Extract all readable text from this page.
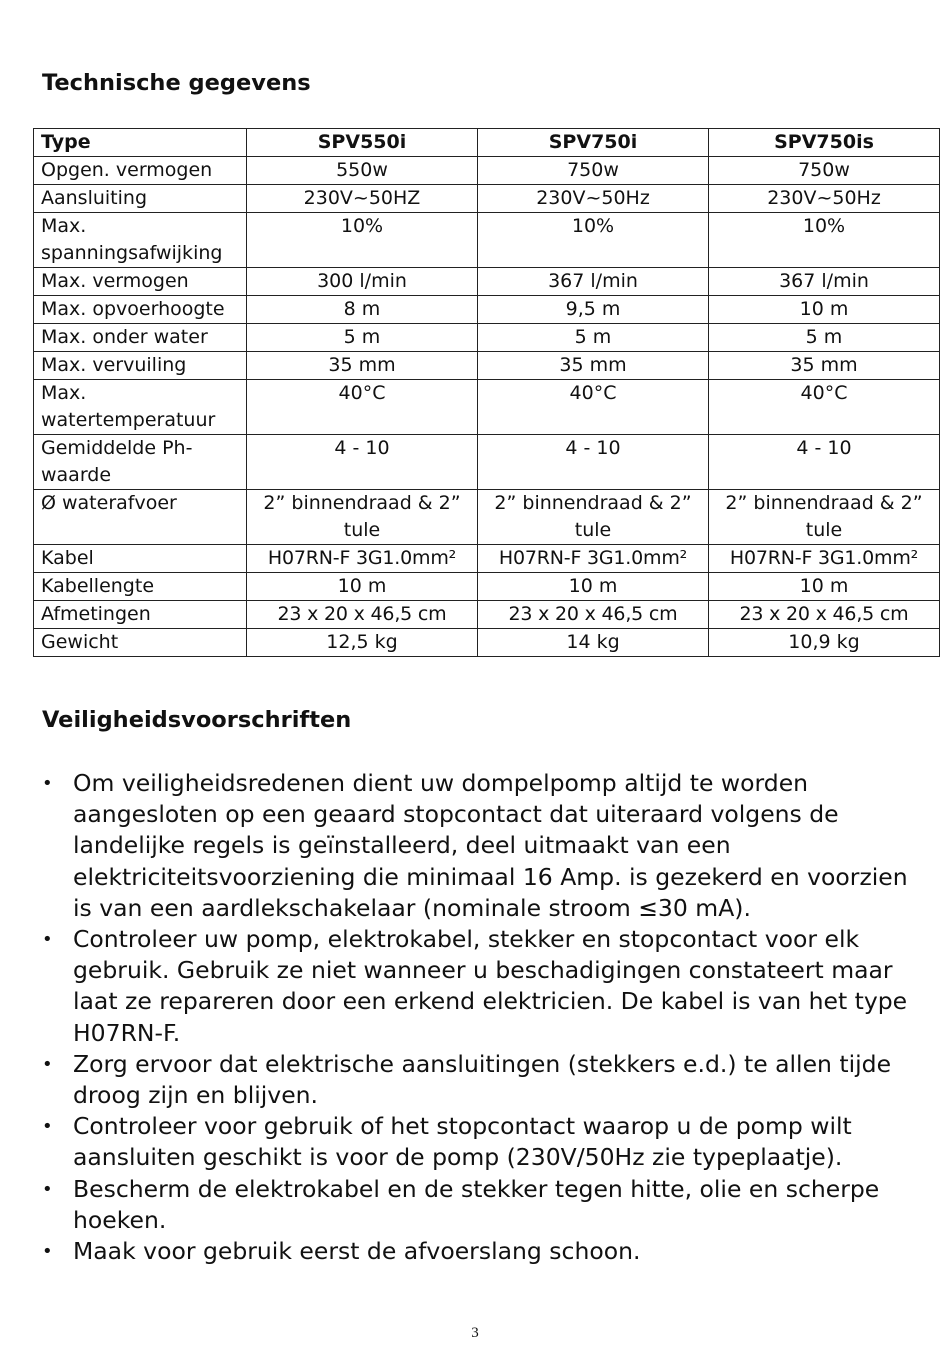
Technische gegevens
Type	SPV550i	SPV750i	SPV750is
Opgen. vermogen	550w	750w	750w
Aansluiting	230V~50HZ	230V~50Hz	230V~50Hz
Max. spanningsafwijking	10%	10%	10%
Max. vermogen	300 l/min	367 l/min	367 l/min
Max. opvoerhoogte	8 m	9,5 m	10 m
Max. onder water	5 m	5 m	5 m
Max. vervuiling	35 mm	35 mm	35 mm
Max. watertemperatuur	40°C	40°C	40°C
Gemiddelde Ph-waarde	4 - 10	4 - 10	4 - 10
Ø waterafvoer	2” binnendraad & 2” tule	2” binnendraad & 2” tule	2” binnendraad & 2” tule
Kabel	H07RN-F 3G1.0mm²	H07RN-F 3G1.0mm²	H07RN-F 3G1.0mm²
Kabellengte	10 m	10 m	10 m
Afmetingen	23 x 20 x 46,5 cm	23 x 20 x 46,5 cm	23 x 20 x 46,5 cm
Gewicht	12,5 kg	14 kg	10,9 kg
Veiligheidsvoorschriften
• Om veiligheidsredenen dient uw dompelpomp altijd te worden aangesloten op een geaard stopcontact dat uiteraard volgens de landelijke regels is geïnstalleerd, deel uitmaakt van een elektriciteitsvoorziening die minimaal 16 Amp. is gezekerd en voorzien is van een aardlekschakelaar (nominale stroom ≤30 mA).
• Controleer uw pomp, elektrokabel, stekker en stopcontact voor elk gebruik. Gebruik ze niet wanneer u beschadigingen constateert maar laat ze repareren door een erkend elektricien. De kabel is van het type H07RN-F.
• Zorg ervoor dat elektrische aansluitingen (stekkers e.d.) te allen tijde droog zijn en blijven.
• Controleer voor gebruik of het stopcontact waarop u de pomp wilt aansluiten geschikt is voor de pomp (230V/50Hz zie typeplaatje).
• Bescherm de elektrokabel en de stekker tegen hitte, olie en scherpe hoeken.
• Maak voor gebruik eerst de afvoerslang schoon.
3
